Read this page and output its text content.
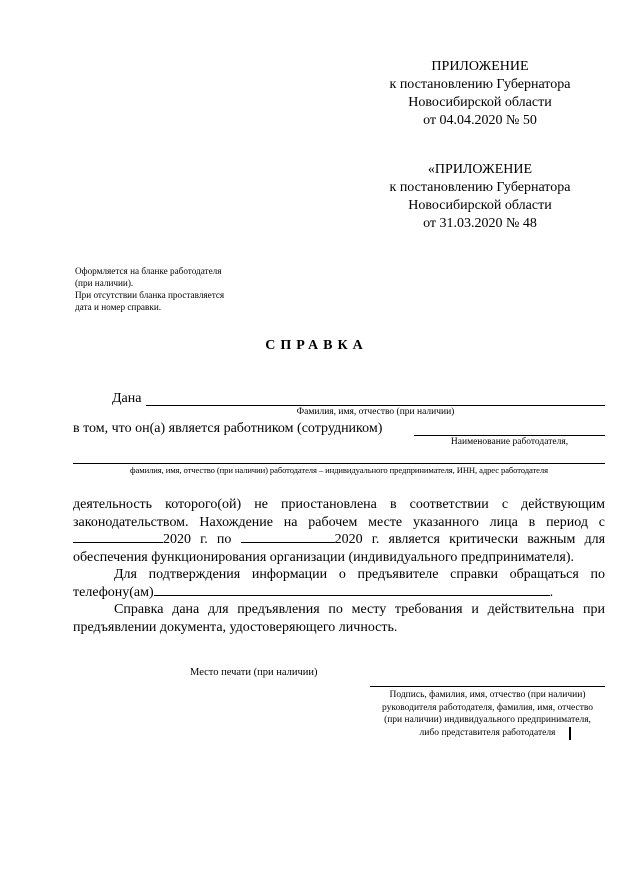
ПРИЛОЖЕНИЕ
к постановлению Губернатора
Новосибирской области
от 04.04.2020 № 50
«ПРИЛОЖЕНИЕ
к постановлению Губернатора
Новосибирской области
от 31.03.2020 № 48
Оформляется на бланке работодателя
(при наличии).
При отсутствии бланка проставляется
дата и номер справки.
СПРАВКА
Дана
Фамилия, имя, отчество (при наличии)
в том, что он(а) является работником (сотрудником)
Наименование работодателя,
фамилия, имя, отчество (при наличии) работодателя – индивидуального предпринимателя, ИНН, адрес работодателя

деятельность которого(ой) не приостановлена в соответствии с действующим законодательством. Нахождение на рабочем месте указанного лица в период с 2020 г. по	2020 г. является критически важным для обеспечения функционирования организации (индивидуального предпринимателя).

Для подтверждения информации о предъявителе справки обращаться по телефону(ам)	.

Справка дана для предъявления по месту требования и действительна при предъявлении документа, удостоверяющего личность.

Место печати (при наличии)
Подпись, фамилия, имя, отчество (при наличии)
руководителя работодателя, фамилия, имя, отчество
(при наличии) индивидуального предпринимателя,
либо представителя работодателя
